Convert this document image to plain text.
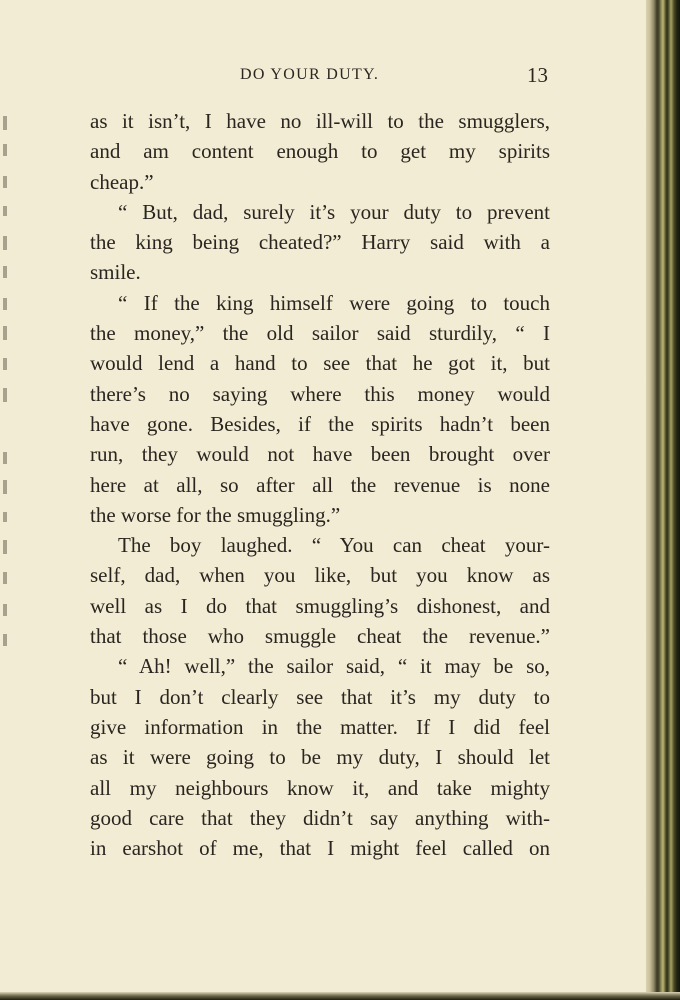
DO YOUR DUTY.	13
as it isn’t, I have no ill-will to the smugglers,
and am content enough to get my spirits
cheap.”
“ But, dad, surely it’s your duty to prevent
the king being cheated?” Harry said with a
smile.
“ If the king himself were going to touch
the money,” the old sailor said sturdily, “ I
would lend a hand to see that he got it, but
there’s no saying where this money would
have gone. Besides, if the spirits hadn’t been
run, they would not have been brought over
here at all, so after all the revenue is none
the worse for the smuggling.”
The boy laughed. “ You can cheat your-
self, dad, when you like, but you know as
well as I do that smuggling’s dishonest, and
that those who smuggle cheat the revenue.”
“ Ah! well,” the sailor said, “ it may be so,
but I don’t clearly see that it’s my duty to
give information in the matter. If I did feel
as it were going to be my duty, I should let
all my neighbours know it, and take mighty
good care that they didn’t say anything with-
in earshot of me, that I might feel called on
